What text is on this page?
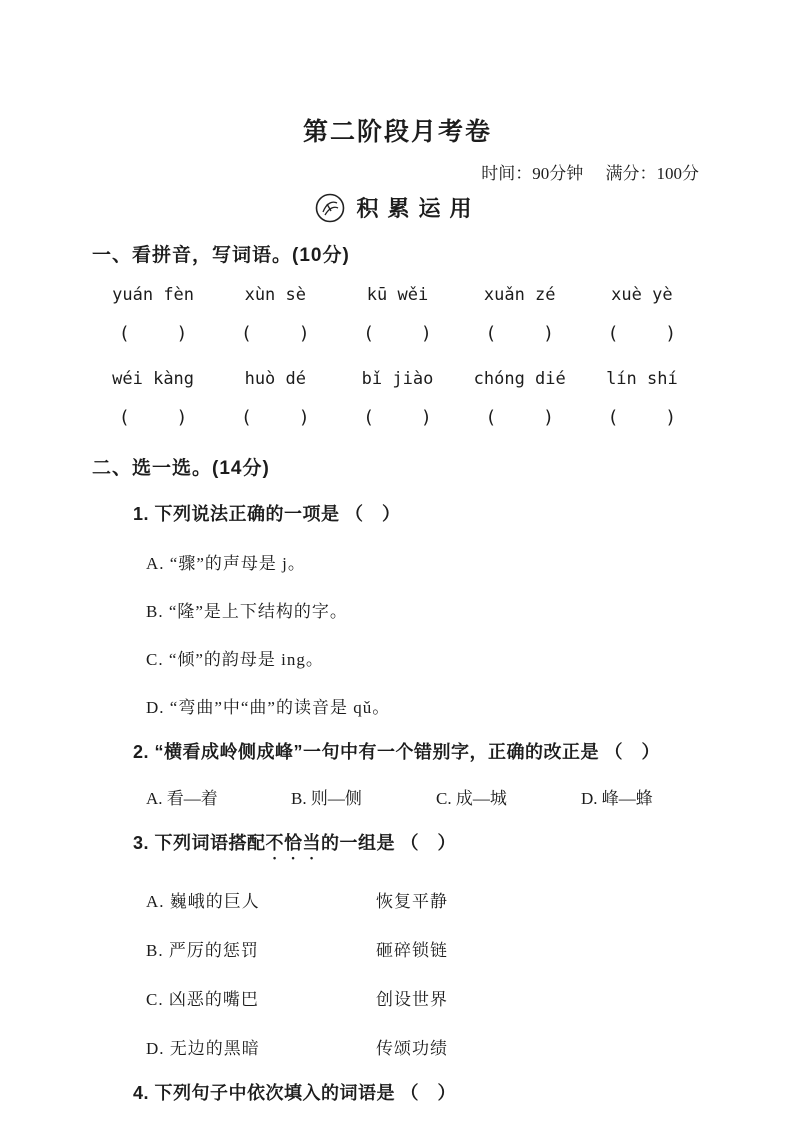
第二阶段月考卷
时间：90分钟 满分：100分
积累运用
一、看拼音，写词语。(10分)
yuán fèn	xùn sè	kū wěi	xuǎn zé	xuè yè
(　 　)	(　 　)	(　 　)	(　 　)	(　 　)
wéi kàng	huò dé	bǐ jiào	chóng dié	lín shí
(　 　)	(　 　)	(　 　)	(　 　)	(　 　)
二、选一选。(14分)
1. 下列说法正确的一项是 （　）
A. “骤”的声母是 j。
B. “隆”是上下结构的字。
C. “倾”的韵母是 ing。
D. “弯曲”中“曲”的读音是 qǔ。
2. “横看成岭侧成峰”一句中有一个错别字，正确的改正是 （　）
A. 看—着	B. 则—侧	C. 成—城	D. 峰—蜂
3. 下列词语搭配不恰当的一组是 （　）
A. 巍峨的巨人	恢复平静
B. 严厉的惩罚	砸碎锁链
C. 凶恶的嘴巴	创设世界
D. 无边的黑暗	传颂功绩
4. 下列句子中依次填入的词语是 （　）
